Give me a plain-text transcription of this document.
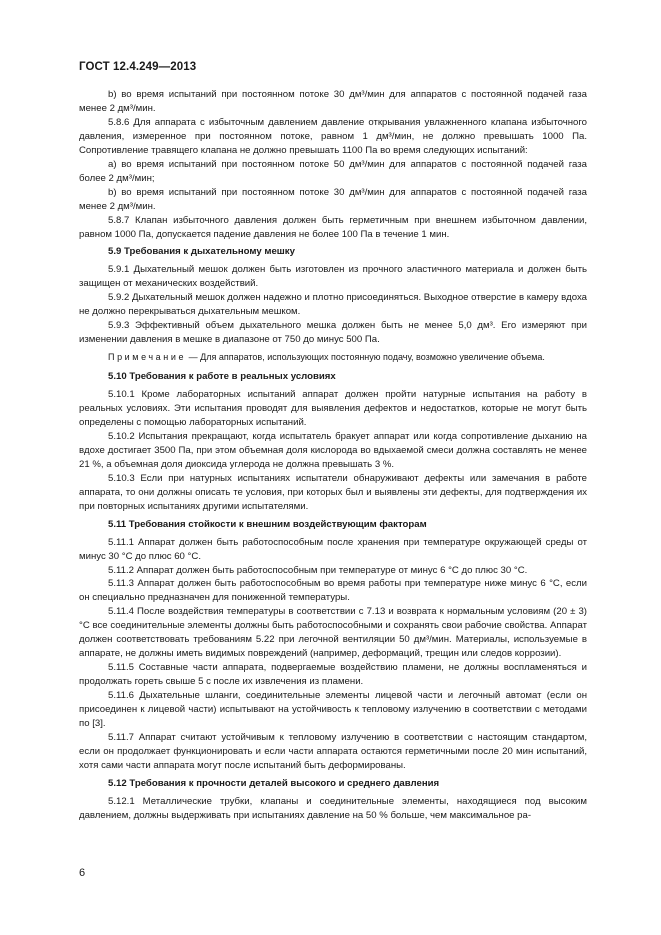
ГОСТ 12.4.249—2013

b) во время испытаний при постоянном потоке 30 дм³/мин для аппаратов с постоянной подачей газа менее 2 дм³/мин.

5.8.6 Для аппарата с избыточным давлением давление открывания увлажненного клапана избыточного давления, измеренное при постоянном потоке, равном 1 дм³/мин, не должно превышать 1000 Па. Сопротивление травящего клапана не должно превышать 1100 Па во время следующих испытаний:

a) во время испытаний при постоянном потоке 50 дм³/мин для аппаратов с постоянной подачей газа более 2 дм³/мин;

b) во время испытаний при постоянном потоке 30 дм³/мин для аппаратов с постоянной подачей газа менее 2 дм³/мин.

5.8.7 Клапан избыточного давления должен быть герметичным при внешнем избыточном давлении, равном 1000 Па, допускается падение давления не более 100 Па в течение 1 мин.

5.9 Требования к дыхательному мешку

5.9.1 Дыхательный мешок должен быть изготовлен из прочного эластичного материала и должен быть защищен от механических воздействий.

5.9.2 Дыхательный мешок должен надежно и плотно присоединяться. Выходное отверстие в камеру вдоха не должно перекрываться дыхательным мешком.

5.9.3 Эффективный объем дыхательного мешка должен быть не менее 5,0 дм³. Его измеряют при изменении давления в мешке в диапазоне от 750 до минус 500 Па.

Примечание — Для аппаратов, использующих постоянную подачу, возможно увеличение объема.

5.10 Требования к работе в реальных условиях

5.10.1 Кроме лабораторных испытаний аппарат должен пройти натурные испытания на работу в реальных условиях. Эти испытания проводят для выявления дефектов и недостатков, которые не могут быть определены с помощью лабораторных испытаний.

5.10.2 Испытания прекращают, когда испытатель бракует аппарат или когда сопротивление дыханию на вдохе достигает 3500 Па, при этом объемная доля кислорода во вдыхаемой смеси должна составлять не менее 21 %, а объемная доля диоксида углерода не должна превышать 3 %.

5.10.3 Если при натурных испытаниях испытатели обнаруживают дефекты или замечания в работе аппарата, то они должны описать те условия, при которых был и выявлены эти дефекты, для подтверждения их при повторных испытаниях другими испытателями.

5.11 Требования стойкости к внешним воздействующим факторам

5.11.1 Аппарат должен быть работоспособным после хранения при температуре окружающей среды от минус 30 °С до плюс 60 °С.

5.11.2 Аппарат должен быть работоспособным при температуре от минус 6 °С до плюс 30 °С.

5.11.3 Аппарат должен быть работоспособным во время работы при температуре ниже минус 6 °С, если он специально предназначен для пониженной температуры.

5.11.4 После воздействия температуры в соответствии с 7.13 и возврата к нормальным условиям (20 ± 3) °С все соединительные элементы должны быть работоспособными и сохранять свои рабочие свойства. Аппарат должен соответствовать требованиям 5.22 при легочной вентиляции 50 дм³/мин. Материалы, используемые в аппарате, не должны иметь видимых повреждений (например, деформаций, трещин или следов коррозии).

5.11.5 Составные части аппарата, подвергаемые воздействию пламени, не должны воспламеняться и продолжать гореть свыше 5 с после их извлечения из пламени.

5.11.6 Дыхательные шланги, соединительные элементы лицевой части и легочный автомат (если он присоединен к лицевой части) испытывают на устойчивость к тепловому излучению в соответствии с методами по [3].

5.11.7 Аппарат считают устойчивым к тепловому излучению в соответствии с настоящим стандартом, если он продолжает функционировать и если части аппарата остаются герметичными после 20 мин испытаний, хотя сами части аппарата могут после испытаний быть деформированы.

5.12 Требования к прочности деталей высокого и среднего давления

5.12.1 Металлические трубки, клапаны и соединительные элементы, находящиеся под высоким давлением, должны выдерживать при испытаниях давление на 50 % больше, чем максимальное ра-

6
